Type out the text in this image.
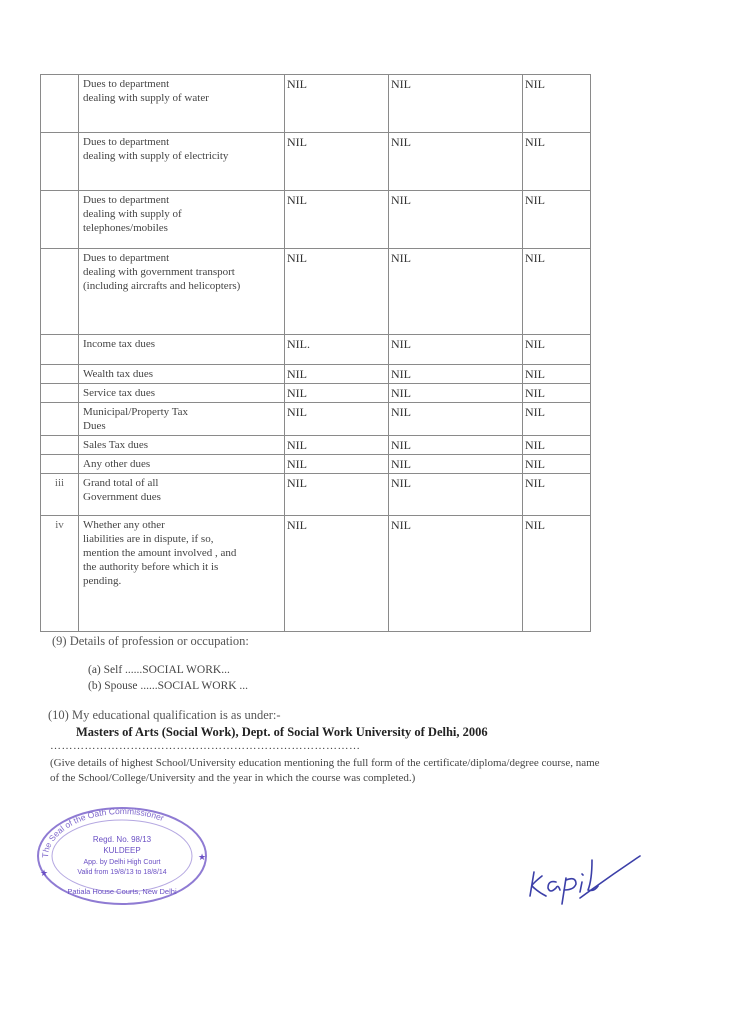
	Dues to department
dealing with supply of water	NIL	NIL	NIL
	Dues to department
dealing with supply of electricity	NIL	NIL	NIL
	Dues to department
dealing with supply of
telephones/mobiles	NIL	NIL	NIL
	Dues to department
dealing with government transport
(including aircrafts and helicopters)	NIL	NIL	NIL
	Income tax dues	NIL.	NIL	NIL
	Wealth tax dues	NIL	NIL	NIL
	Service tax dues	NIL	NIL	NIL
	Municipal/Property Tax
Dues	NIL	NIL	NIL
	Sales Tax dues	NIL	NIL	NIL
	Any other dues	NIL	NIL	NIL
iii	Grand total of all
Government dues	NIL	NIL	NIL
iv	Whether any other
liabilities are in dispute, if so,
mention the amount involved , and
the authority before which it is
pending.	NIL	NIL	NIL
(9) Details of profession or occupation:
(a) Self ......SOCIAL WORK...
(b) Spouse ......SOCIAL WORK ...
(10) My educational qualification is as under:-
Masters of Arts (Social Work), Dept. of Social Work University of Delhi, 2006
………………………………………………………………………
(Give details of highest School/University education mentioning the full form of the certificate/diploma/degree course, name of the School/College/University and the year in which the course was completed.)
The Seal of the Oath Commissioner
Regd. No. 98/13
KULDEEP
App. by Delhi High Court
Valid from 19/8/13 to 18/8/14
Patiala House Courts, New Delhi
★
★
